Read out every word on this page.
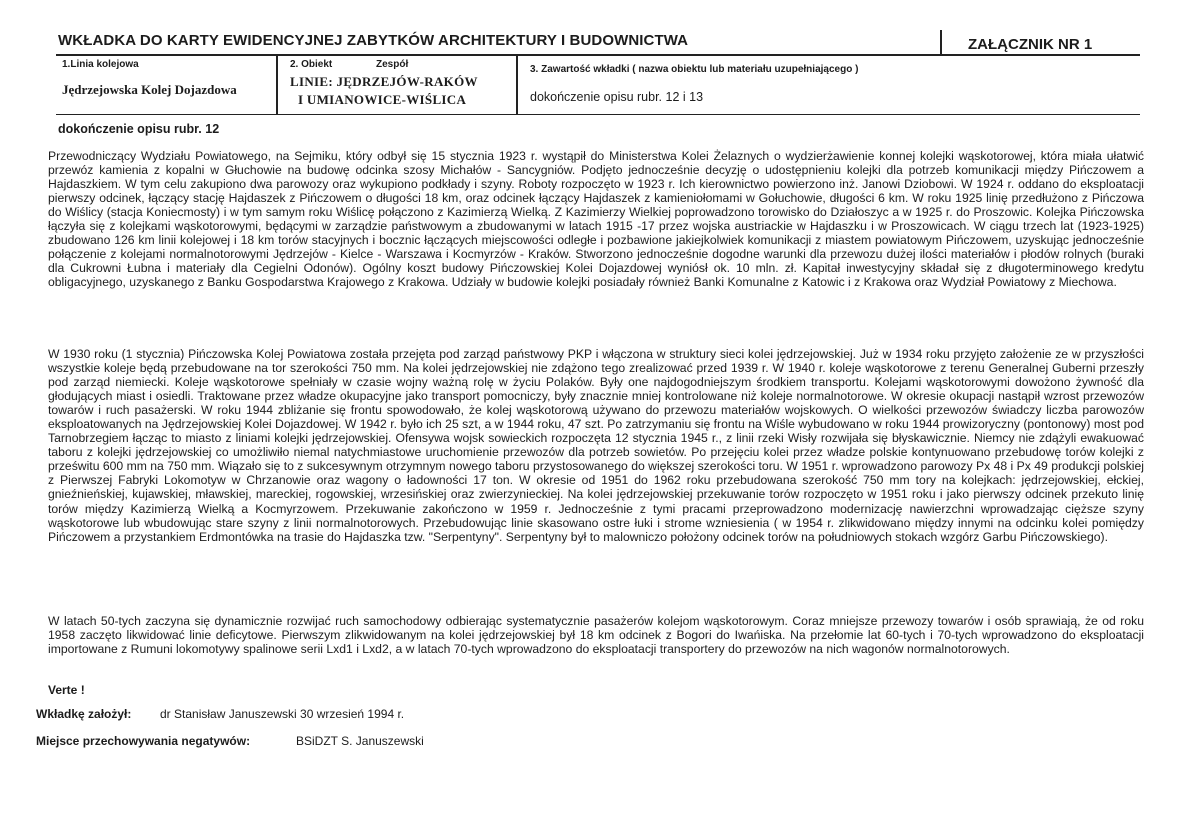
WKŁADKA DO KARTY EWIDENCYJNEJ ZABYTKÓW ARCHITEKTURY I BUDOWNICTWA	ZAŁĄCZNIK NR 1
1.Linia kolejowa
Jędrzejowska Kolej Dojazdowa
2. Obiekt	Zespół
LINIE: JĘDRZEJÓW-RAKÓW
I UMIANOWICE-WIŚLICA
3. Zawartość wkładki ( nazwa obiektu lub materiału uzupełniającego )
dokończenie opisu rubr. 12 i 13
dokończenie opisu rubr. 12
Przewodniczący Wydziału Powiatowego, na Sejmiku, który odbył się 15 stycznia 1923 r. wystąpił do Ministerstwa Kolei Żelaznych o wydzierżawienie konnej kolejki wąskotorowej, która miała ułatwić przewóz kamienia z kopalni w Głuchowie na budowę odcinka szosy Michałów - Sancygniów. Podjęto jednocześnie decyzję o udostępnieniu kolejki dla potrzeb komunikacji między Pińczowem a Hajdaszkiem. W tym celu zakupiono dwa parowozy oraz wykupiono podkłady i szyny. Roboty rozpoczęto w 1923 r. Ich kierownictwo powierzono inż. Janowi Dziobowi. W 1924 r. oddano do eksploatacji pierwszy odcinek, łączący stację Hajdaszek z Pińczowem o długości 18 km, oraz odcinek łączący Hajdaszek z kamieniołomami w Gołuchowie, długości 6 km. W roku 1925 linię przedłużono z Pińczowa do Wiślicy (stacja Koniecmosty) i w tym samym roku Wiślicę połączono z Kazimierzą Wielką. Z Kazimierzy Wielkiej poprowadzono torowisko do Działoszyc a w 1925 r. do Proszowic. Kolejka Pińczowska łączyła się z kolejkami wąskotorowymi, będącymi w zarządzie państwowym a zbudowanymi w latach 1915 -17 przez wojska austriackie w Hajdaszku i w Proszowicach. W ciągu trzech lat (1923-1925) zbudowano 126 km linii kolejowej i 18 km torów stacyjnych i bocznic łączących miejscowości odległe i pozbawione jakiejkolwiek komunikacji z miastem powiatowym Pińczowem, uzyskując jednocześnie połączenie z kolejami normalnotorowymi Jędrzejów - Kielce - Warszawa i Kocmyrzów - Kraków. Stworzono jednocześnie dogodne warunki dla przewozu dużej ilości materiałów i płodów rolnych (buraki dla Cukrowni Łubna i materiały dla Cegielni Odonów). Ogólny koszt budowy Pińczowskiej Kolei Dojazdowej wyniósł ok. 10 mln. zł. Kapitał inwestycyjny składał się z długoterminowego kredytu obligacyjnego, uzyskanego z Banku Gospodarstwa Krajowego z Krakowa. Udziały w budowie kolejki posiadały również Banki Komunalne z Katowic i z Krakowa oraz Wydział Powiatowy z Miechowa.
W 1930 roku (1 stycznia) Pińczowska Kolej Powiatowa została przejęta pod zarząd państwowy PKP i włączona w struktury sieci kolei jędrzejowskiej. Już w 1934 roku przyjęto założenie ze w przyszłości wszystkie koleje będą przebudowane na tor szerokości 750 mm. Na kolei jędrzejowskiej nie zdążono tego zrealizować przed 1939 r. W 1940 r. koleje wąskotorowe z terenu Generalnej Guberni przeszły pod zarząd niemiecki. Koleje wąskotorowe spełniały w czasie wojny ważną rolę w życiu Polaków. Były one najdogodniejszym środkiem transportu. Kolejami wąskotorowymi dowożono żywność dla głodujących miast i osiedli. Traktowane przez władze okupacyjne jako transport pomocniczy, były znacznie mniej kontrolowane niż koleje normalnotorowe. W okresie okupacji nastąpił wzrost przewozów towarów i ruch pasażerski. W roku 1944 zbliżanie się frontu spowodowało, że kolej wąskotorową używano do przewozu materiałów wojskowych. O wielkości przewozów świadczy liczba parowozów eksploatowanych na Jędrzejowskiej Kolei Dojazdowej. W 1942 r. było ich 25 szt, a w 1944 roku, 47 szt. Po zatrzymaniu się frontu na Wiśle wybudowano w roku 1944 prowizoryczny (pontonowy) most pod Tarnobrzegiem łącząc to miasto z liniami kolejki jędrzejowskiej. Ofensywa wojsk sowieckich rozpoczęta 12 stycznia 1945 r., z linii rzeki Wisły rozwijała się błyskawicznie. Niemcy nie zdążyli ewakuować taboru z kolejki jędrzejowskiej co umożliwiło niemal natychmiastowe uruchomienie przewozów dla potrzeb sowietów. Po przejęciu kolei przez władze polskie kontynuowano przebudowę torów kolejki z prześwitu 600 mm na 750 mm. Wiązało się to z sukcesywnym otrzymnym nowego taboru przystosowanego do większej szerokości toru. W 1951 r. wprowadzono parowozy Px 48 i Px 49 produkcji polskiej z Pierwszej Fabryki Lokomotyw w Chrzanowie oraz wagony o ładowności 17 ton. W okresie od 1951 do 1962 roku przebudowana szerokość 750 mm tory na kolejkach: jędrzejowskiej, ełckiej, gnieźnieńskiej, kujawskiej, mławskiej, mareckiej, rogowskiej, wrzesińskiej oraz zwierzynieckiej. Na kolei jędrzejowskiej przekuwanie torów rozpoczęto w 1951 roku i jako pierwszy odcinek przekuto linię torów między Kazimierzą Wielką a Kocmyrzowem. Przekuwanie zakończono w 1959 r. Jednocześnie z tymi pracami przeprowadzono modernizację nawierzchni wprowadzając cięższe szyny wąskotorowe lub wbudowując stare szyny z linii normalnotorowych. Przebudowując linie skasowano ostre łuki i strome wzniesienia ( w 1954 r. zlikwidowano między innymi na odcinku kolei pomiędzy Pińczowem a przystankiem Erdmontówka na trasie do Hajdaszka tzw. "Serpentyny". Serpentyny był to malowniczo położony odcinek torów na południowych stokach wzgórz Garbu Pińczowskiego).
W latach 50-tych zaczyna się dynamicznie rozwijać ruch samochodowy odbierając systematycznie pasażerów kolejom wąskotorowym. Coraz mniejsze przewozy towarów i osób sprawiają, że od roku 1958 zaczęto likwidować linie deficytowe. Pierwszym zlikwidowanym na kolei jędrzejowskiej był 18 km odcinek z Bogori do Iwańiska. Na przełomie lat 60-tych i 70-tych wprowadzono do eksploatacji importowane z Rumuni lokomotywy spalinowe serii Lxd1 i Lxd2, a w latach 70-tych wprowadzono do eksploatacji transportery do przewozów na nich wagonów normalnotorowych.
Verte !
Wkładkę założył: dr Stanisław Januszewski 30 wrzesień 1994 r.
Miejsce przechowywania negatywów:	BSiDZT S. Januszewski
